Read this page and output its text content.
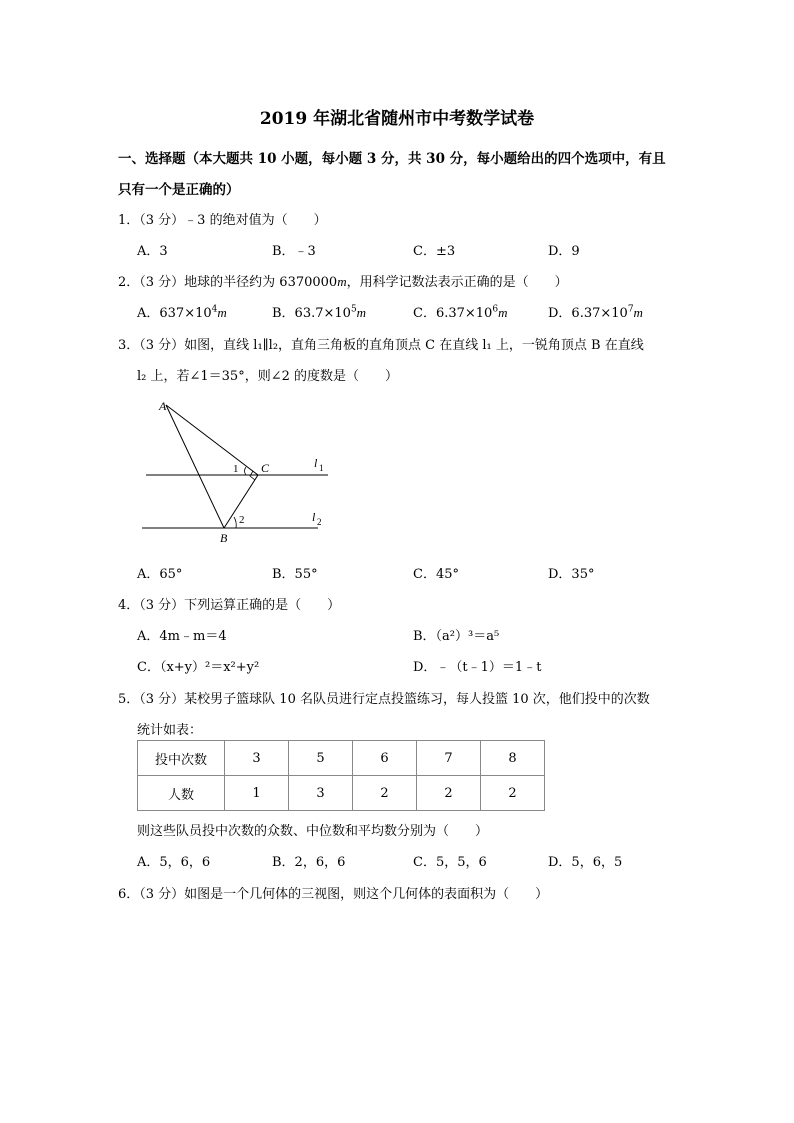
2019 年湖北省随州市中考数学试卷
一、选择题（本大题共 10 小题，每小题 3 分，共 30 分，每小题给出的四个选项中，有且
只有一个是正确的）
1．（3 分）﹣3 的绝对值为（　　）
A．3	B．﹣3	C．±3	D．9
2．（3 分）地球的半径约为 6370000m，用科学记数法表示正确的是（　　）
A．$637\times 10^4m$	B．$63.7\times 10^5m$	C．$6.37\times 10^6m$	D．$6.37\times 10^7m$
3．（3 分）如图，直线 l₁∥l₂，直角三角板的直角顶点 C 在直线 l₁ 上，一锐角顶点 B 在直线
l₂ 上，若∠1＝35°，则∠2 的度数是（　　）
A
B
C
1
2
l 1
l 2
A．65°	B．55°	C．45°	D．35°
4．（3 分）下列运算正确的是（　　）
A．4m﹣m＝4	B．（a²）³＝a⁵
C．（x+y）²＝x²+y²	D．﹣（t﹣1）＝1﹣t
5．（3 分）某校男子篮球队 10 名队员进行定点投篮练习，每人投篮 10 次，他们投中的次数
统计如表：
投中次数	3	5	6	7	8
人数	1	3	2	2	2
则这些队员投中次数的众数、中位数和平均数分别为（　　）
A．5，6，6	B．2，6，6	C．5，5，6	D．5，6，5
6．（3 分）如图是一个几何体的三视图，则这个几何体的表面积为（　　）
